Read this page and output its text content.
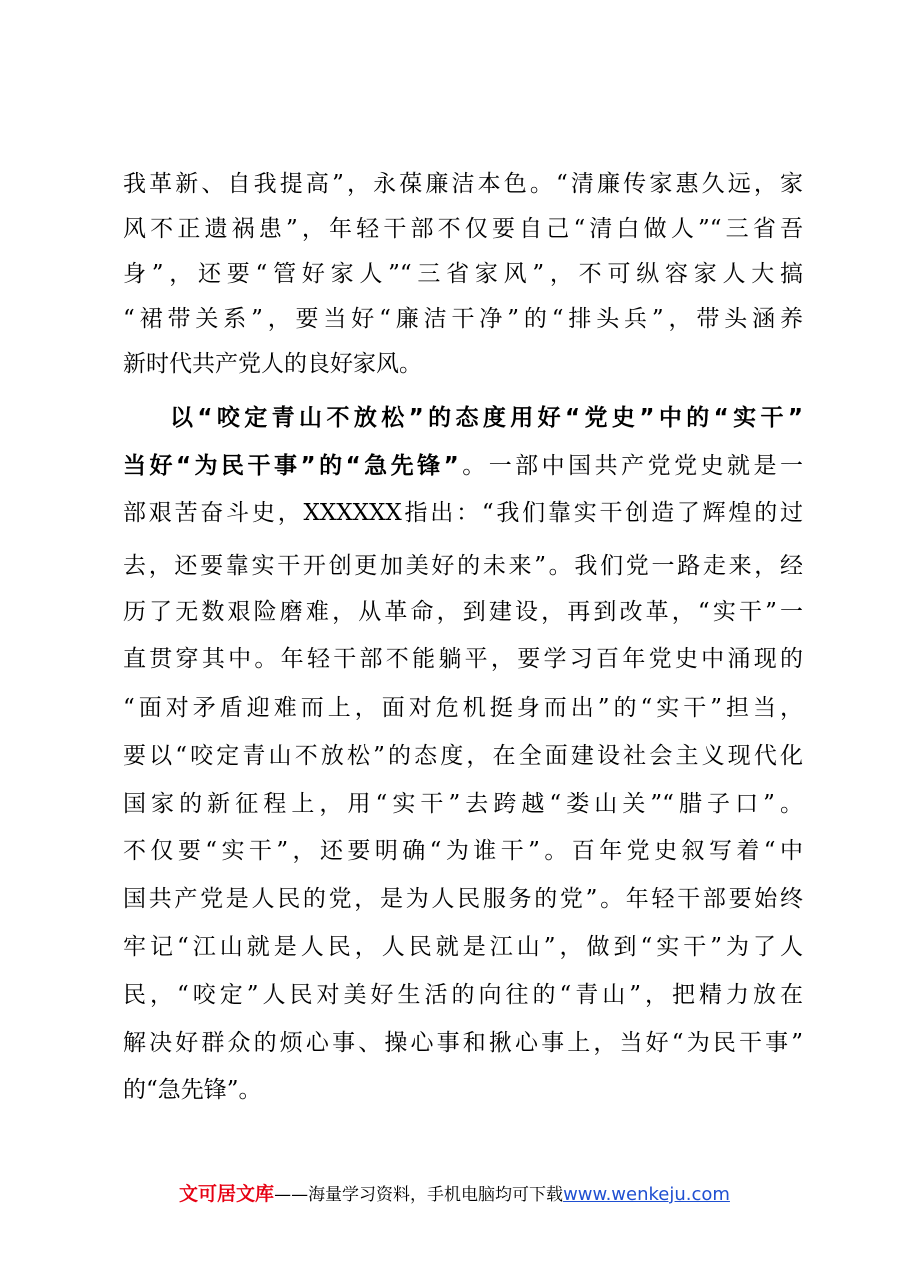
我革新、自我提高”，永葆廉洁本色。“清廉传家惠久远，家
风不正遗祸患”，年轻干部不仅要自己“清白做人”“三省吾
身”，还要“管好家人”“三省家风”，不可纵容家人大搞
“裙带关系”，要当好“廉洁干净”的“排头兵”，带头涵养
新时代共产党人的良好家风。
以“咬定青山不放松”的态度用好“党史”中的“实干”
当好“为民干事”的“急先锋”。一部中国共产党党史就是一
部艰苦奋斗史，XXXXXX指出：“我们靠实干创造了辉煌的过
去，还要靠实干开创更加美好的未来”。我们党一路走来，经
历了无数艰险磨难，从革命，到建设，再到改革，“实干”一
直贯穿其中。年轻干部不能躺平，要学习百年党史中涌现的
“面对矛盾迎难而上，面对危机挺身而出”的“实干”担当，
要以“咬定青山不放松”的态度，在全面建设社会主义现代化
国家的新征程上，用“实干”去跨越“娄山关”“腊子口”。
不仅要“实干”，还要明确“为谁干”。百年党史叙写着“中
国共产党是人民的党，是为人民服务的党”。年轻干部要始终
牢记“江山就是人民，人民就是江山”，做到“实干”为了人
民，“咬定”人民对美好生活的向往的“青山”，把精力放在
解决好群众的烦心事、操心事和揪心事上，当好“为民干事”
的“急先锋”。
文可居文库——海量学习资料，手机电脑均可下载www.wenkeju.com
